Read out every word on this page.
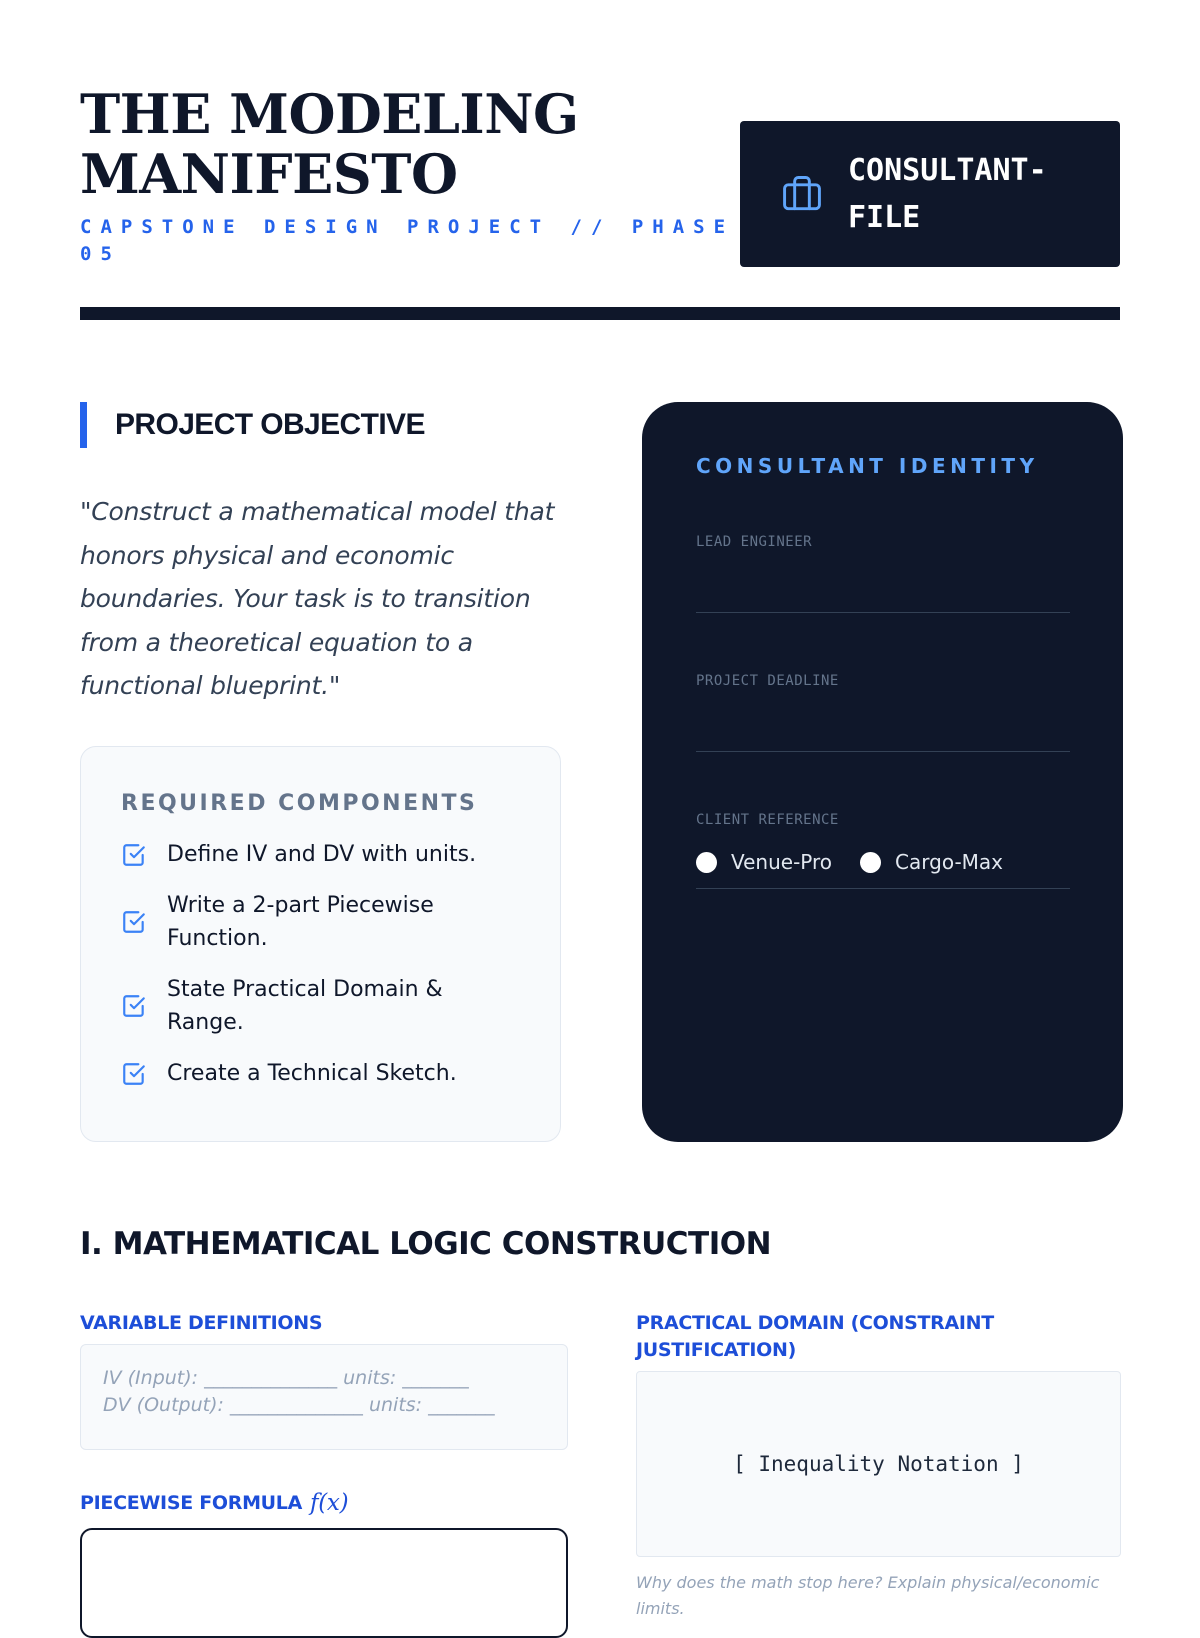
THE MODELING MANIFESTO
CAPSTONE DESIGN PROJECT // PHASE 05
CONSULTANT-FILE
PROJECT OBJECTIVE

"Construct a mathematical model that honors physical and economic boundaries. Your task is to transition from a theoretical equation to a functional blueprint."

REQUIRED COMPONENTS
Define IV and DV with units.
Write a 2-part Piecewise Function.
State Practical Domain & Range.
Create a Technical Sketch.
CONSULTANT IDENTITY
LEAD ENGINEER
PROJECT DEADLINE
CLIENT REFERENCE
Venue-Pro	Cargo-Max
I. MATHEMATICAL LOGIC CONSTRUCTION
VARIABLE DEFINITIONS
IV (Input): ______________ units: _______
DV (Output): ______________ units: _______
PIECEWISE FORMULA f(x)
PRACTICAL DOMAIN (CONSTRAINT JUSTIFICATION)
[ Inequality Notation ]
Why does the math stop here? Explain physical/economic limits.
